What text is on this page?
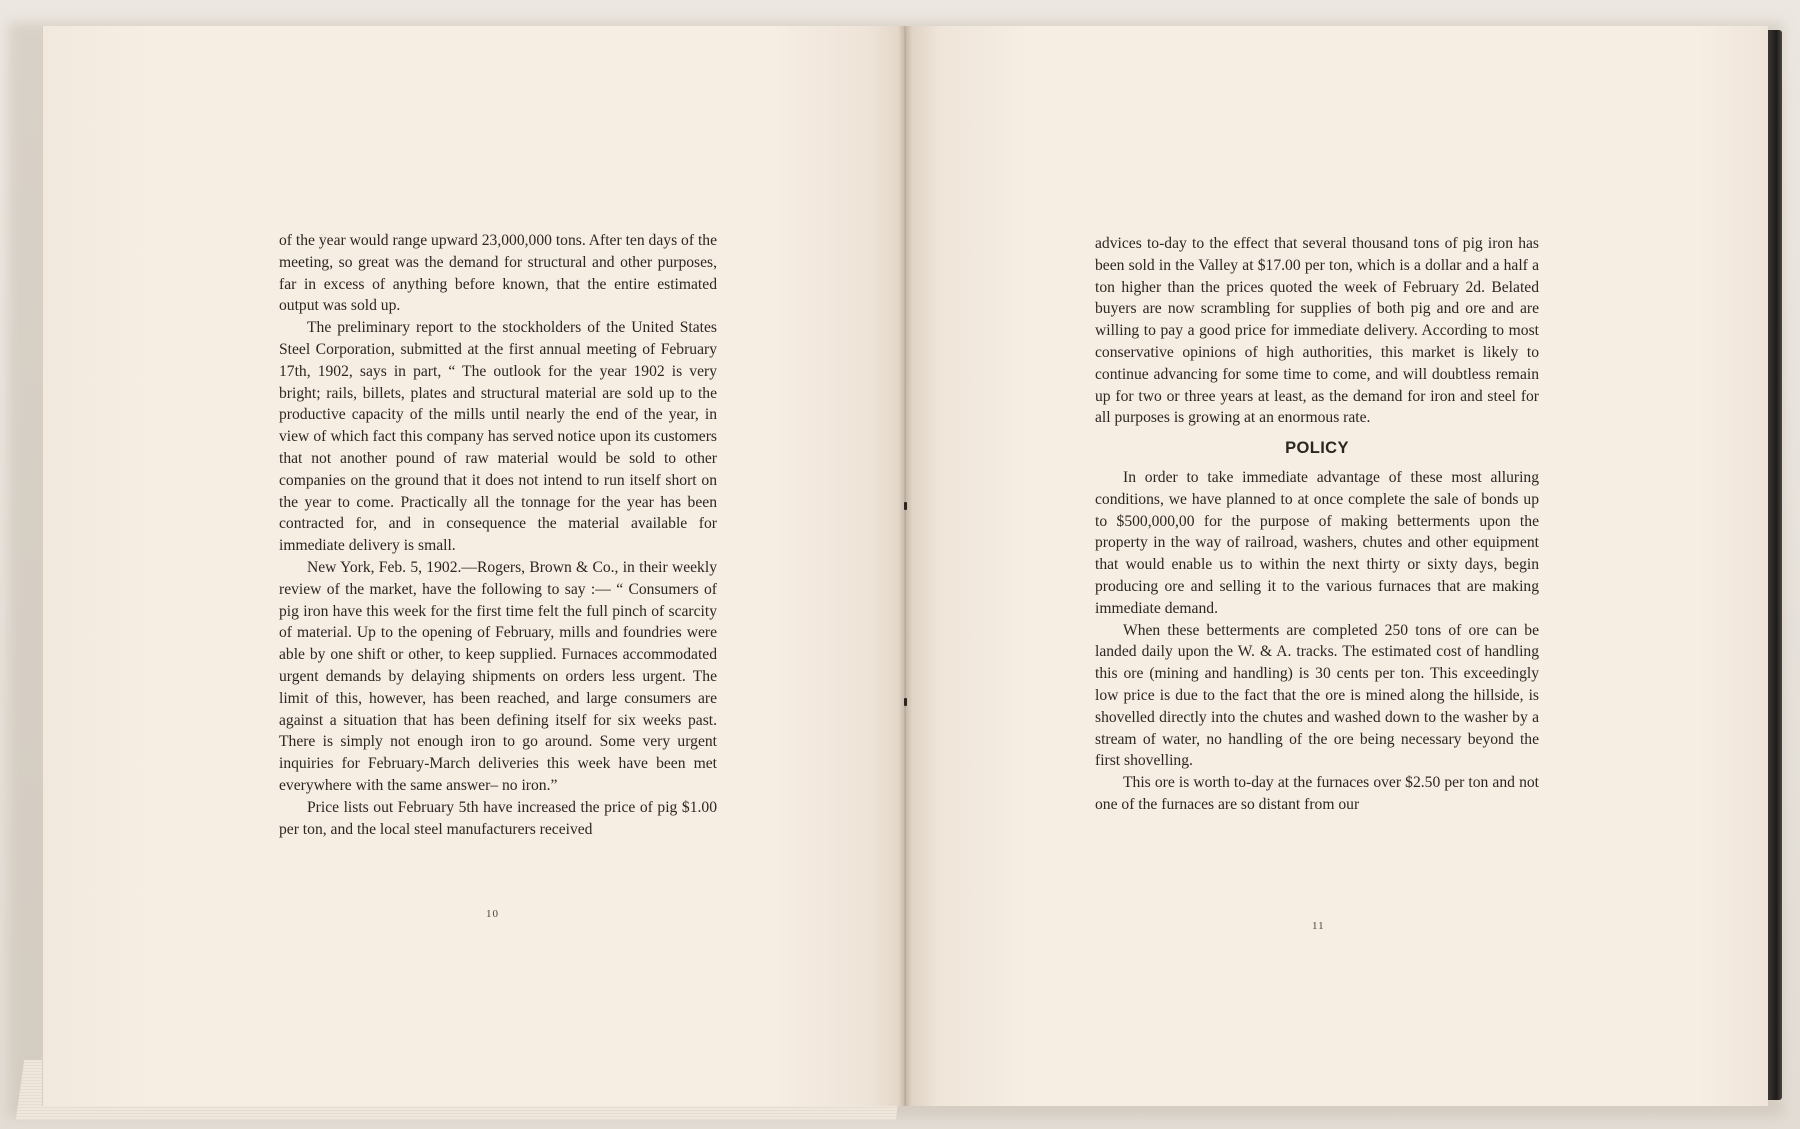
of the year would range upward 23,000,000 tons. After ten days of the meeting, so great was the demand for structural and other purposes, far in excess of anything before known, that the entire estimated output was sold up.

The preliminary report to the stockholders of the United States Steel Corporation, submitted at the first annual meeting of February 17th, 1902, says in part, “ The outlook for the year 1902 is very bright; rails, billets, plates and structural material are sold up to the productive capacity of the mills until nearly the end of the year, in view of which fact this company has served notice upon its customers that not another pound of raw material would be sold to other companies on the ground that it does not intend to run itself short on the year to come. Practically all the tonnage for the year has been contracted for, and in consequence the material available for immediate delivery is small.

New York, Feb. 5, 1902.—Rogers, Brown & Co., in their weekly review of the market, have the following to say :— “ Consumers of pig iron have this week for the first time felt the full pinch of scarcity of material. Up to the opening of February, mills and foundries were able by one shift or other, to keep supplied. Furnaces accommodated urgent demands by delaying shipments on orders less urgent. The limit of this, however, has been reached, and large consumers are against a situation that has been defining itself for six weeks past. There is simply not enough iron to go around. Some very urgent inquiries for February-March deliveries this week have been met everywhere with the same answer– no iron.”

Price lists out February 5th have increased the price of pig $1.00 per ton, and the local steel manufacturers received

10

advices to-day to the effect that several thousand tons of pig iron has been sold in the Valley at $17.00 per ton, which is a dollar and a half a ton higher than the prices quoted the week of February 2d. Belated buyers are now scrambling for supplies of both pig and ore and are willing to pay a good price for immediate delivery. According to most conservative opinions of high authorities, this market is likely to continue advancing for some time to come, and will doubtless remain up for two or three years at least, as the demand for iron and steel for all purposes is growing at an enormous rate.

POLICY

In order to take immediate advantage of these most alluring conditions, we have planned to at once complete the sale of bonds up to $500,000,00 for the purpose of making betterments upon the property in the way of railroad, washers, chutes and other equipment that would enable us to within the next thirty or sixty days, begin producing ore and selling it to the various furnaces that are making immediate demand.

When these betterments are completed 250 tons of ore can be landed daily upon the W. & A. tracks. The estimated cost of handling this ore (mining and handling) is 30 cents per ton. This exceedingly low price is due to the fact that the ore is mined along the hillside, is shovelled directly into the chutes and washed down to the washer by a stream of water, no handling of the ore being necessary beyond the first shovelling.

This ore is worth to-day at the furnaces over $2.50 per ton and not one of the furnaces are so distant from our

11
